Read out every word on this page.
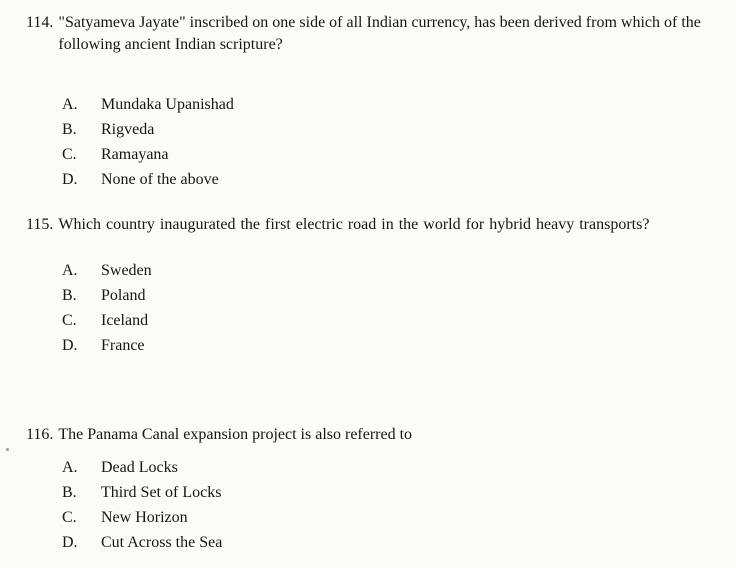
114. "Satyameva Jayate" inscribed on one side of all Indian currency, has been derived from which of the following ancient Indian scripture?
A.	Mundaka Upanishad
B.	Rigveda
C.	Ramayana
D.	None of the above
115. Which country inaugurated the first electric road in the world for hybrid heavy transports?
A.	Sweden
B.	Poland
C.	Iceland
D.	France
116. The Panama Canal expansion project is also referred to
A.	Dead Locks
B.	Third Set of Locks
C.	New Horizon
D.	Cut Across the Sea
